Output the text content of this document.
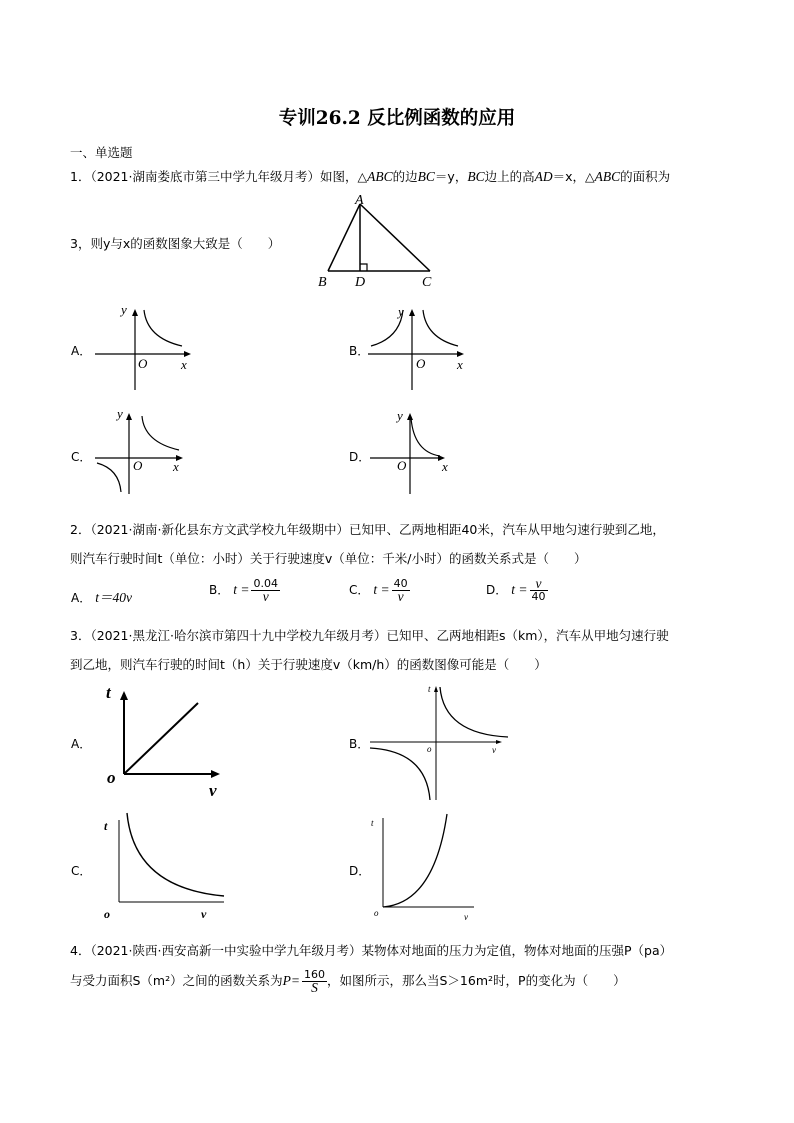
专训26.2 反比例函数的应用
一、单选题
1．（2021·湖南娄底市第三中学九年级月考）如图，△ABC的边BC＝y，BC边上的高AD＝x，△ABC的面积为
3，则y与x的函数图象大致是（　　）
A
B D	C
A．
y
O	x
B．
y
O x
C．
y
O x
D．
y
O	x
2．（2021·湖南·新化县东方文武学校九年级期中）已知甲、乙两地相距40米，汽车从甲地匀速行驶到乙地，
则汽车行驶时间t（单位：小时）关于行驶速度v（单位：千米/小时）的函数关系式是（　　）
A． t＝40v	B． $t = \frac{0.04}{v}$	C． $t = \frac{40}{v}$	D． $t = \frac{v}{40}$
3．（2021·黑龙江·哈尔滨市第四十九中学校九年级月考）已知甲、乙两地相距s（km），汽车从甲地匀速行驶
到乙地，则汽车行驶的时间t（h）关于行驶速度v（km/h）的函数图像可能是（　　）
A．
t
o
v
B．
t
o	v
C．
t
o	v
D．
t
o	v
4．（2021·陕西·西安高新一中实验中学九年级月考）某物体对地面的压力为定值，物体对地面的压强P（pa）
与受力面积S（m²）之间的函数关系为$P= \frac{160}{S}$ ，如图所示，那么当S＞16m²时，P的变化为（　　）
